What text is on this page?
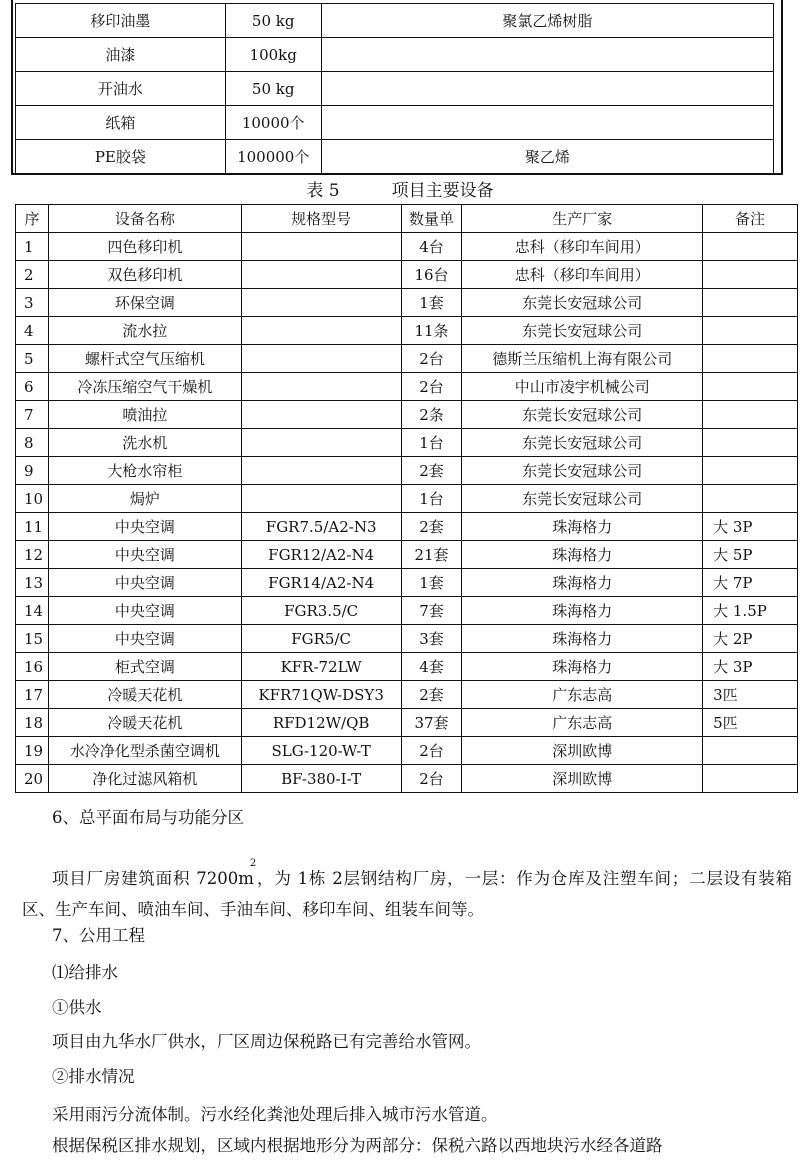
移印油墨	50 kg	聚氯乙烯树脂
油漆	100kg	
开油水	50 kg	
纸箱	10000个	
PE胶袋	100000个	聚乙烯
表 5	项目主要设备
序	设备名称	规格型号	数量单	生产厂家	备注
1	四色移印机		4台	忠科（移印车间用）	
2	双色移印机		16台	忠科（移印车间用）	
3	环保空调		1套	东莞长安冠球公司	
4	流水拉		11条	东莞长安冠球公司	
5	螺杆式空气压缩机		2台	德斯兰压缩机上海有限公司	
6	冷冻压缩空气干燥机		2台	中山市凌宇机械公司	
7	喷油拉		2条	东莞长安冠球公司	
8	洗水机		1台	东莞长安冠球公司	
9	大枪水帘柜		2套	东莞长安冠球公司	
10	焗炉		1台	东莞长安冠球公司	
11	中央空调	FGR7.5/A2-N3	2套	珠海格力	大 3P
12	中央空调	FGR12/A2-N4	21套	珠海格力	大 5P
13	中央空调	FGR14/A2-N4	1套	珠海格力	大 7P
14	中央空调	FGR3.5/C	7套	珠海格力	大 1.5P
15	中央空调	FGR5/C	3套	珠海格力	大 2P
16	柜式空调	KFR-72LW	4套	珠海格力	大 3P
17	冷暖天花机	KFR71QW-DSY3	2套	广东志高	3匹
18	冷暖天花机	RFD12W/QB	37套	广东志高	5匹
19	水冷净化型杀菌空调机	SLG-120-W-T	2台	深圳欧博	
20	净化过滤风箱机	BF-380-I-T	2台	深圳欧博	
6、总平面布局与功能分区
项目厂房建筑面积 $7200m^2$，为 1栋 2层钢结构厂房，一层：作为仓库及注塑车间；二层设有装箱区、生产车间、喷油车间、手油车间、移印车间、组装车间等。
7、公用工程
⑴给排水
①供水
项目由九华水厂供水，厂区周边保税路已有完善给水管网。
②排水情况
采用雨污分流体制。污水经化粪池处理后排入城市污水管道。
根据保税区排水规划，区域内根据地形分为两部分：保税六路以西地块污水经各道路
